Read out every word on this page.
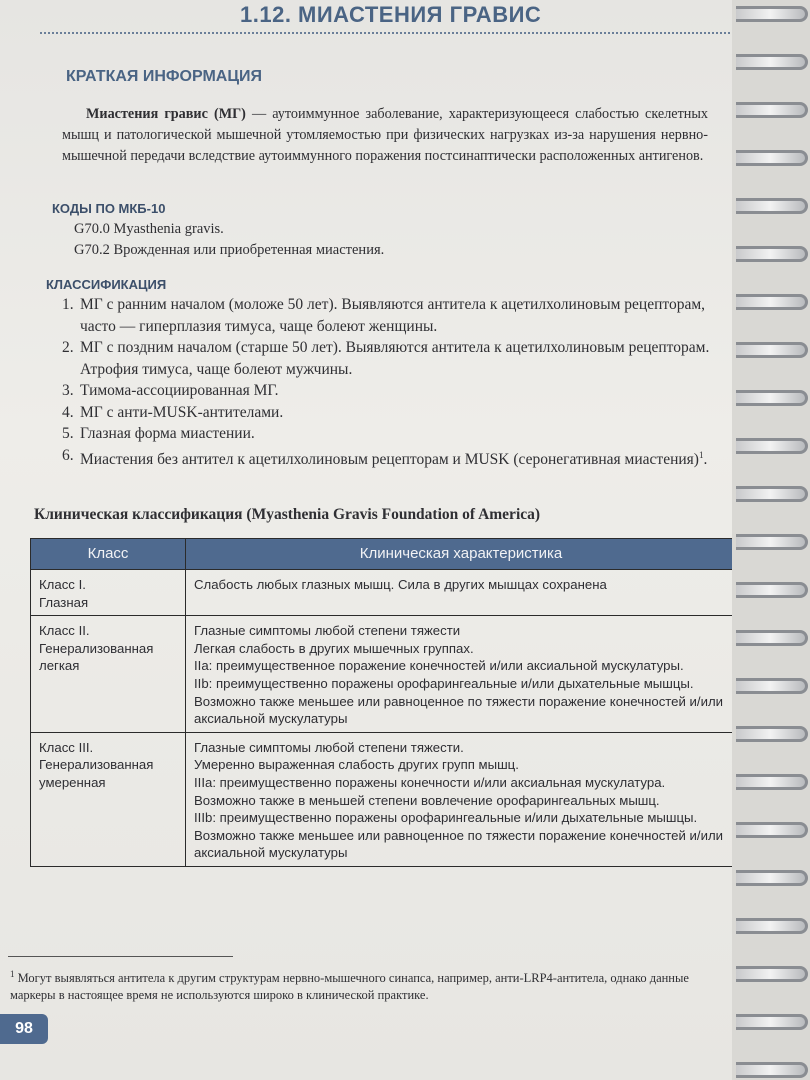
1.12. МИАСТЕНИЯ ГРАВИС
КРАТКАЯ ИНФОРМАЦИЯ

Миастения гравис (МГ) — аутоиммунное заболевание, характеризующееся слабостью скелетных мышц и патологической мышечной утомляемостью при физических нагрузках из-за нарушения нервно-мышечной передачи вследствие аутоиммунного поражения постсинаптически расположенных антигенов.

КОДЫ ПО МКБ-10
G70.0 Myasthenia gravis.
G70.2 Врожденная или приобретенная миастения.
КЛАССИФИКАЦИЯ
1. МГ с ранним началом (моложе 50 лет). Выявляются антитела к ацетилхолиновым рецепторам, часто — гиперплазия тимуса, чаще болеют женщины.
2. МГ с поздним началом (старше 50 лет). Выявляются антитела к ацетилхолиновым рецепторам. Атрофия тимуса, чаще болеют мужчины.
3. Тимома-ассоциированная МГ.
4. МГ с анти-MUSK-антителами.
5. Глазная форма миастении.
6. Миастения без антител к ацетилхолиновым рецепторам и MUSK (серонегативная миастения)$^1$.
Клиническая классификация (Myasthenia Gravis Foundation of America)
Класс	Клиническая характеристика
Класс I.
Глазная	Слабость любых глазных мышц. Сила в других мышцах сохранена

Класс II.
Генерализованная легкая	Глазные симптомы любой степени тяжести
Легкая слабость в других мышечных группах.
IIa: преимущественное поражение конечностей и/или аксиальной мускулатуры.
IIb: преимущественно поражены орофарингеальные и/или дыхательные мышцы. Возможно также меньшее или равноценное по тяжести поражение конечностей и/или аксиальной мускулатуры

Класс III.
Генерализованная умеренная	Глазные симптомы любой степени тяжести.
Умеренно выраженная слабость других групп мышц.
IIIa: преимущественно поражены конечности и/или аксиальная мускулатура. Возможно также в меньшей степени вовлечение орофарингеальных мышц.
IIIb: преимущественно поражены орофарингеальные и/или дыхательные мышцы. Возможно также меньшее или равноценное по тяжести поражение конечностей и/или аксиальной мускулатуры
$^1$ Могут выявляться антитела к другим структурам нервно-мышечного синапса, например, анти-LRP4-антитела, однако данные маркеры в настоящее время не используются широко в клинической практике.
98
